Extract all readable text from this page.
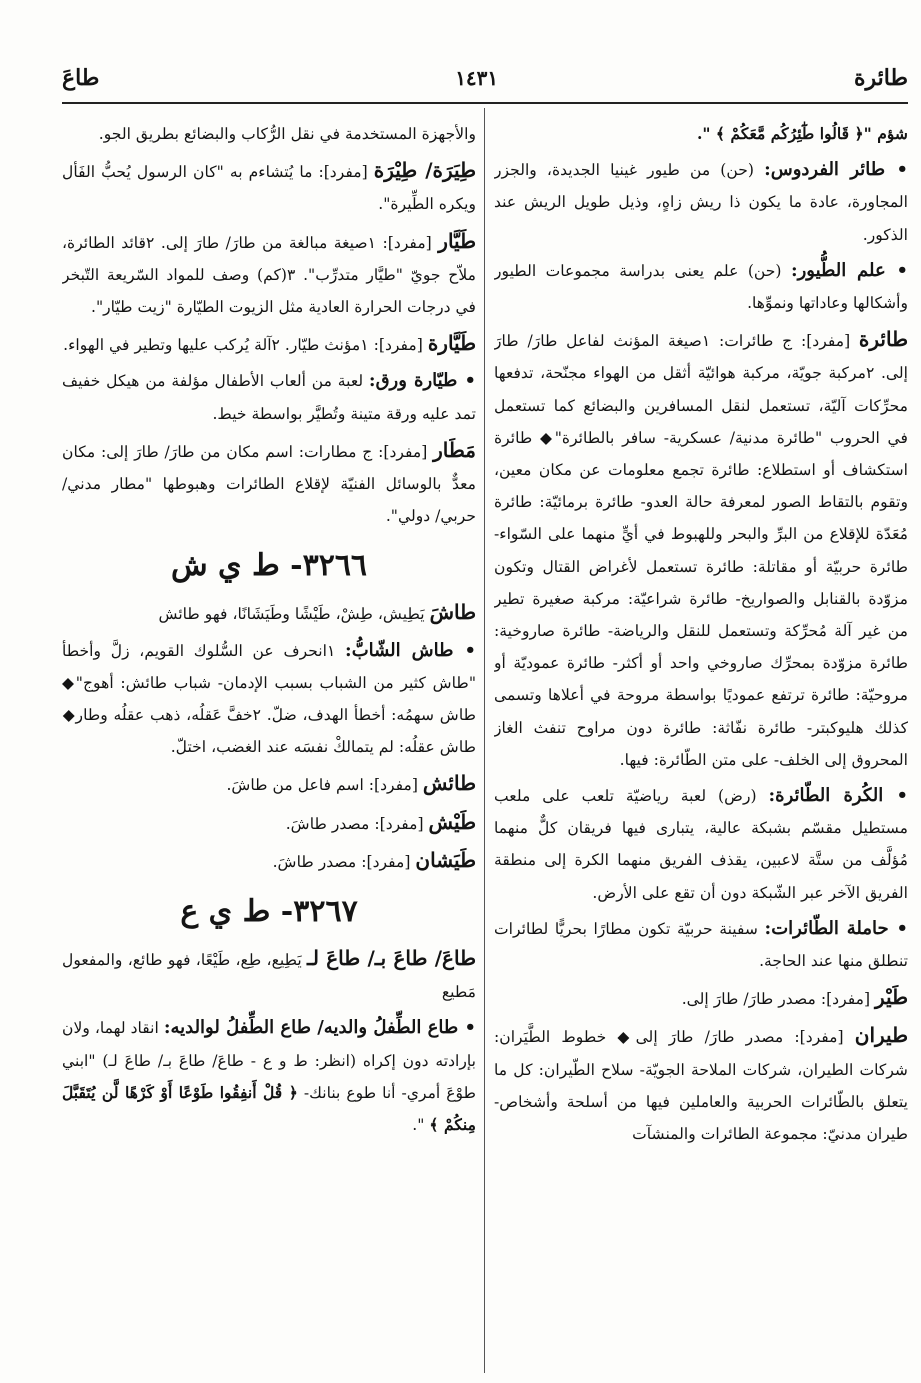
طائرة
١٤٣١
طاعَ

شؤم "﴿ قَالُوا طَٰٓئِرُكُم مَّعَكُمْ ﴾ ".

• طائر الفردوس: (حن) من طيور غينيا الجديدة، والجزر المجاورة، عادة ما يكون ذا ريش زاهٍ، وذيل طويل الريش عند الذكور.

• علم الطُّيور: (حن) علم يعنى بدراسة مجموعات الطيور وأشكالها وعاداتها ونموِّها.

طائرة [مفرد]: ج طائرات: ١صيغة المؤنث لفاعل طارَ/ طارَ إلى. ٢مركبة جويّة، مركبة هوائيّة أثقل من الهواء مجنّحة، تدفعها محرِّكات آليّة، تستعمل لنقل المسافرين والبضائع كما تستعمل في الحروب "طائرة مدنية/ عسكرية- سافر بالطائرة"◆ طائرة استكشاف أو استطلاع: طائرة تجمع معلومات عن مكان معين، وتقوم بالتقاط الصور لمعرفة حالة العدو- طائرة برمائيّة: طائرة مُعَدّة للإقلاع من البرِّ والبحر وللهبوط في أيٍّ منهما على السّواء- طائرة حربيّة أو مقاتلة: طائرة تستعمل لأغراض القتال وتكون مزوّدة بالقنابل والصواريخ- طائرة شراعيّة: مركبة صغيرة تطير من غير آلة مُحرِّكة وتستعمل للنقل والرياضة- طائرة صاروخية: طائرة مزوّدة بمحرِّك صاروخي واحد أو أكثر- طائرة عموديّة أو مروحيّة: طائرة ترتفع عموديًا بواسطة مروحة في أعلاها وتسمى كذلك هليوكبتر- طائرة نفّاثة: طائرة دون مراوح تنفث الغاز المحروق إلى الخلف- على متن الطّائرة: فيها.

• الكُرة الطّائرة: (رض) لعبة رياضيّة تلعب على ملعب مستطيل مقسّم بشبكة عالية، يتبارى فيها فريقان كلٌّ منهما مُؤلَّف من ستَّة لاعبين، يقذف الفريق منهما الكرة إلى منطقة الفريق الآخر عبر الشّبكة دون أن تقع على الأرض.

• حاملة الطّائرات: سفينة حربيّة تكون مطارًا بحريًّا لطائرات تنطلق منها عند الحاجة.

طَيْر [مفرد]: مصدر طارَ/ طارَ إلى.

طيران [مفرد]: مصدر طارَ/ طارَ إلى◆ خطوط الطَّيَران: شركات الطيران، شركات الملاحة الجويّة- سلاح الطّيران: كل ما يتعلق بالطّائرات الحربية والعاملين فيها من أسلحة وأشخاص- طيران مدنيّ: مجموعة الطائرات والمنشآت

والأجهزة المستخدمة في نقل الرُّكاب والبضائع بطريق الجو.

طِيَرَة/ طِيْرَة [مفرد]: ما يُتشاءم به "كان الرسول يُحبُّ الفَأل ويكره الطِّيرة".

طَيَّار [مفرد]: ١صيغة مبالغة من طارَ/ طارَ إلى. ٢قائد الطائرة، ملاّح جويّ "طيَّار متدرِّب". ٣(كم) وصف للمواد السّريعة التّبخر في درجات الحرارة العادية مثل الزيوت الطيّارة "زيت طيّار".

طَيَّارة [مفرد]: ١مؤنث طيّار. ٢آلة يُركب عليها وتطير في الهواء.

• طيّارة ورق: لعبة من ألعاب الأطفال مؤلفة من هيكل خفيف تمد عليه ورقة متينة وتُطيَّر بواسطة خيط.

مَطَار [مفرد]: ج مطارات: اسم مكان من طارَ/ طارَ إلى: مكان معدٌّ بالوسائل الفنيّة لإقلاع الطائرات وهبوطها "مطار مدني/ حربي/ دولي".

٣٢٦٦- ط ي ش

طاشَ يَطِيش، طِشْ، طَيْشًا وطَيَشَانًا، فهو طائش

• طاش الشّابُّ: ١انحرف عن السُّلوك القويم، زلَّ وأخطأ "طاش كثير من الشباب بسبب الإدمان- شباب طائش: أهوج"◆ طاش سهمُه: أخطأ الهدف، ضلّ. ٢خفَّ عَقلُه، ذهب عقلُه وطار◆ طاش عقلُه: لم يتمالكْ نفسَه عند الغضب، اختلّ.

طائش [مفرد]: اسم فاعل من طاشَ.

طَيْش [مفرد]: مصدر طاشَ.

طَيَشان [مفرد]: مصدر طاشَ.

٣٢٦٧- ط ي ع

طاعَ/ طاعَ بـ/ طاعَ لـ يَطِيع، طِع، طَيْعًا، فهو طائع، والمفعول مَطيع

• طاع الطِّفلُ والديه/ طاع الطِّفلُ لوالديه: انقاد لهما، ولان بإرادته دون إكراه (انظر: ط و ع - طاعَ/ طاعَ بـ/ طاعَ لـ) "ابني طوْعَ أمري- أنا طوع بنانك- ﴿ قُلْ أَنفِقُوا طَوْعًا أَوْ كَرْهًا لَّن يُتَقَبَّلَ مِنكُمْ ﴾ ".
